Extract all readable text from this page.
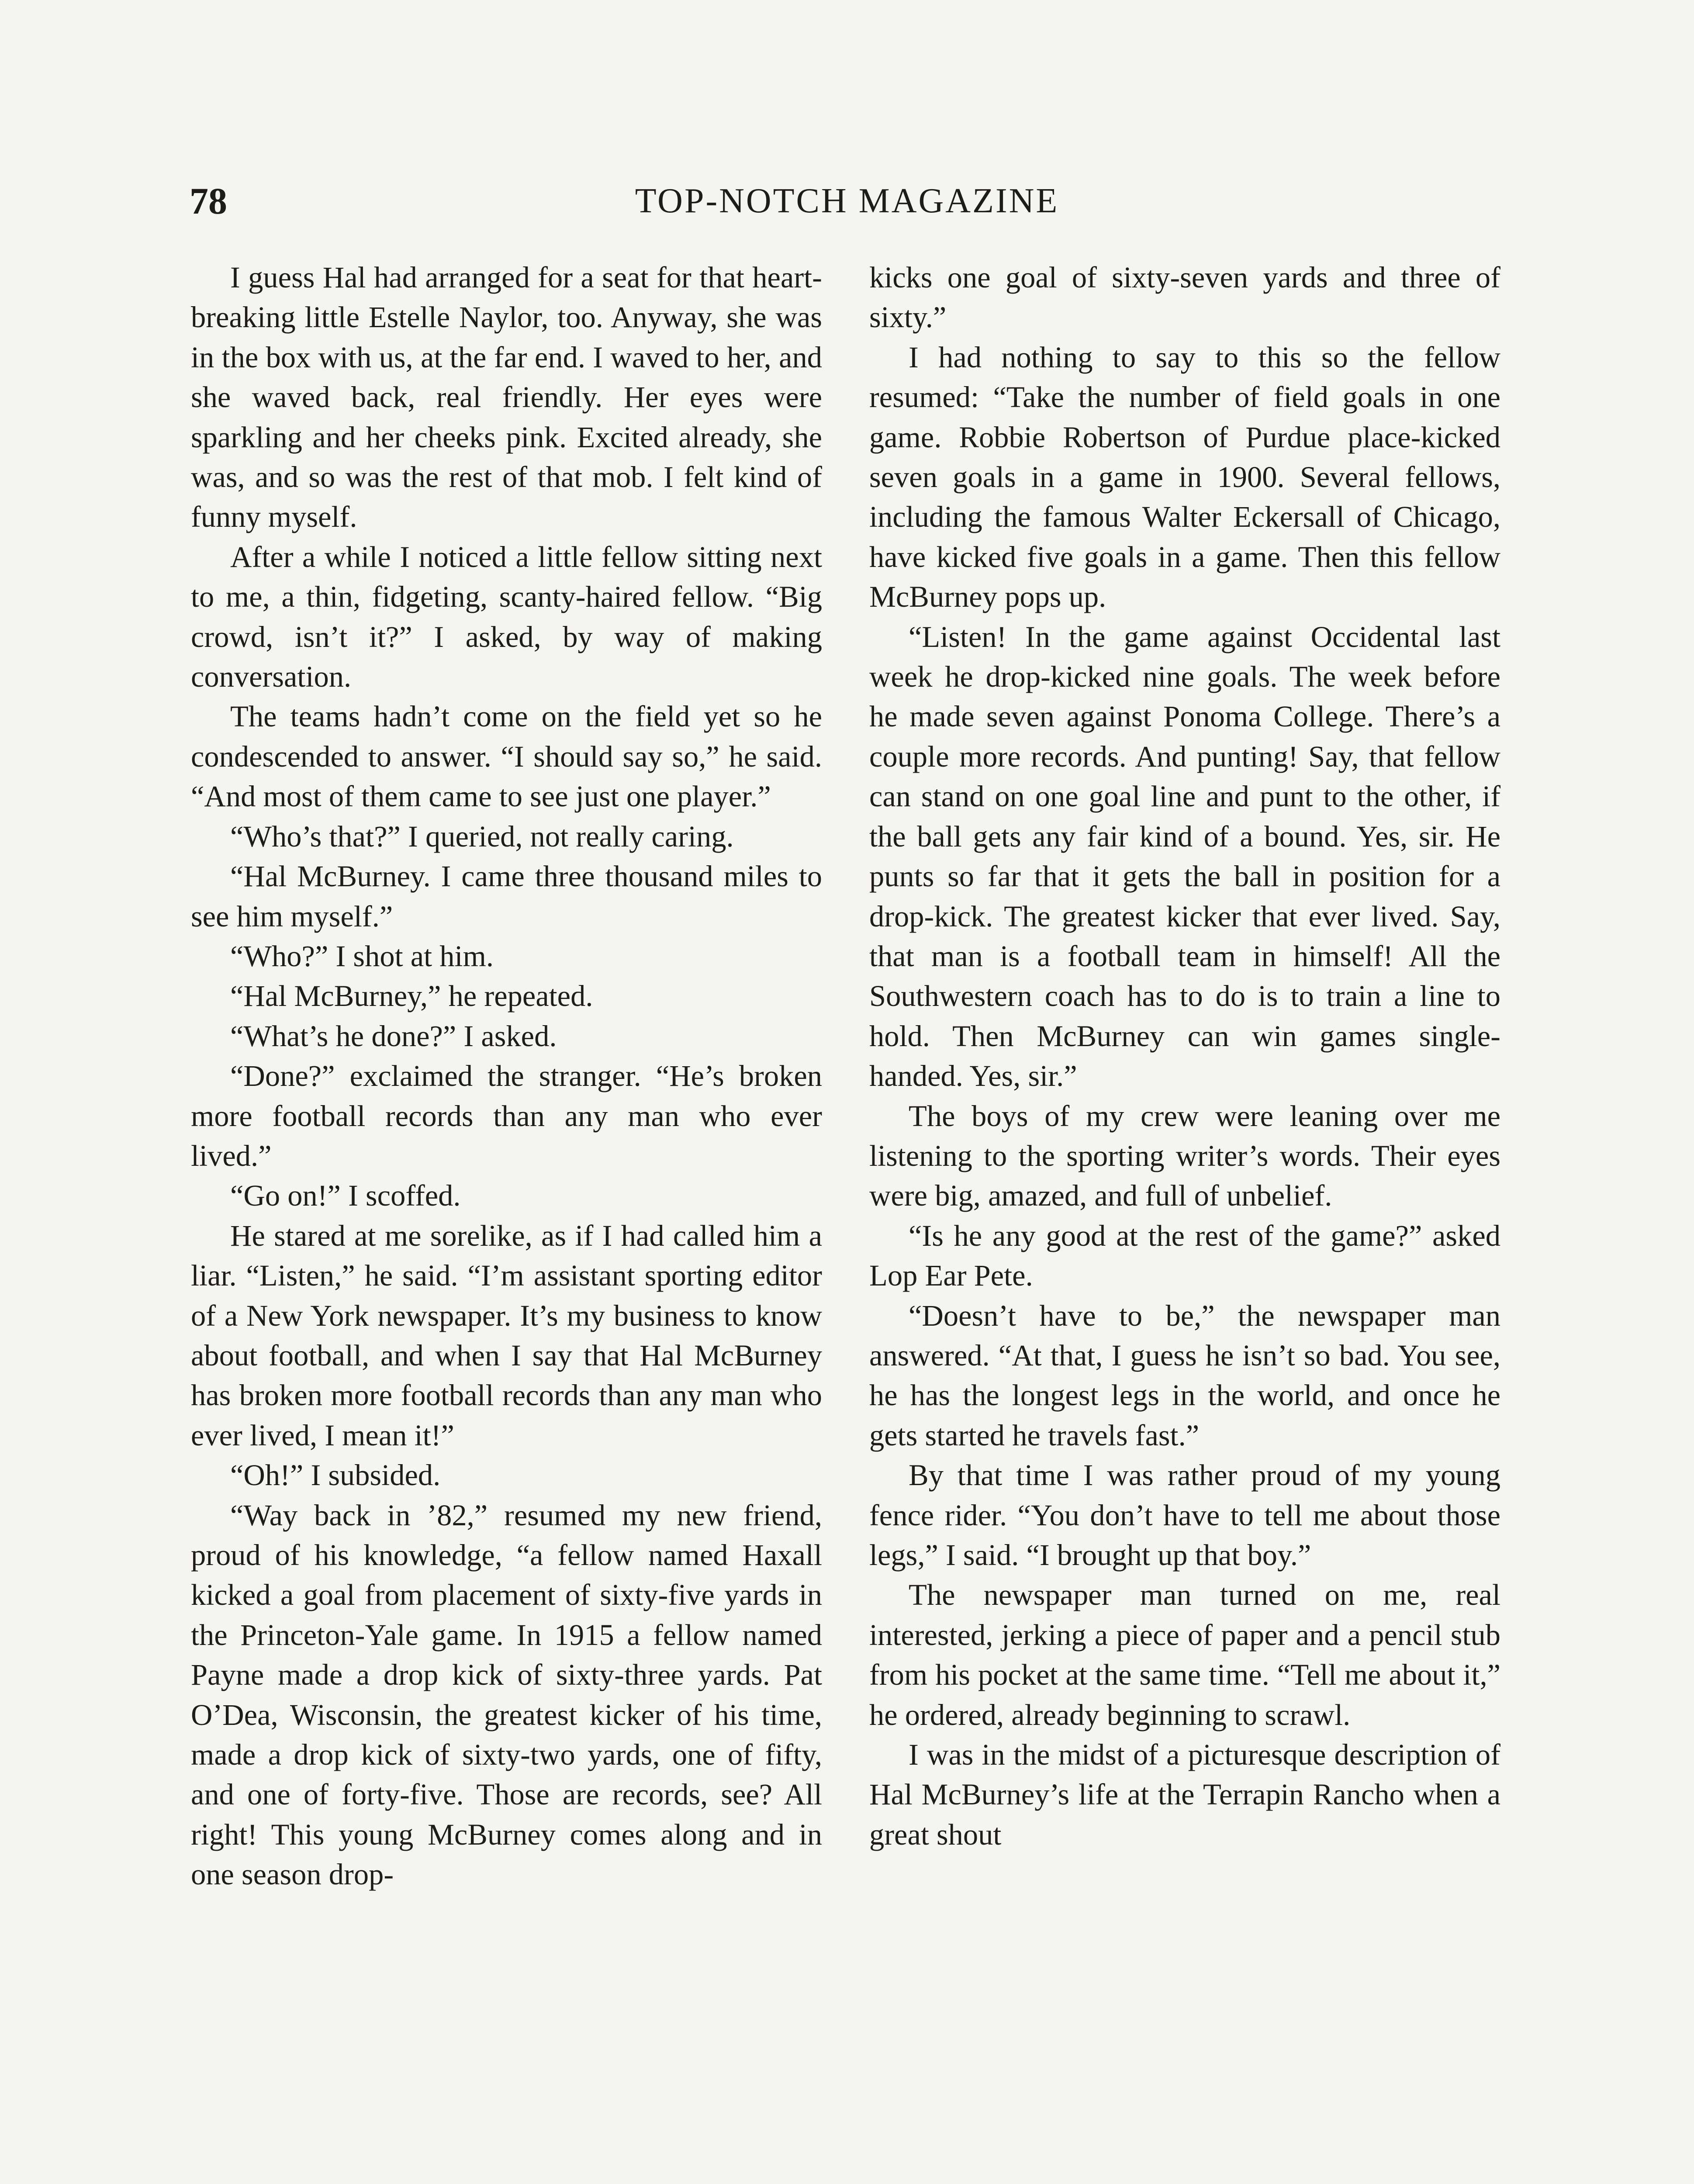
78	TOP-NOTCH MAGAZINE

I guess Hal had arranged for a seat for that heart-breaking little Estelle Naylor, too. Anyway, she was in the box with us, at the far end. I waved to her, and she waved back, real friendly. Her eyes were sparkling and her cheeks pink. Excited already, she was, and so was the rest of that mob. I felt kind of funny myself.

After a while I noticed a little fellow sitting next to me, a thin, fidgeting, scanty-haired fellow. “Big crowd, isn’t it?” I asked, by way of making conversation.

The teams hadn’t come on the field yet so he condescended to answer. “I should say so,” he said. “And most of them came to see just one player.”

“Who’s that?” I queried, not really caring.

“Hal McBurney. I came three thousand miles to see him myself.”

“Who?” I shot at him.

“Hal McBurney,” he repeated.

“What’s he done?” I asked.

“Done?” exclaimed the stranger. “He’s broken more football records than any man who ever lived.”

“Go on!” I scoffed.

He stared at me sorelike, as if I had called him a liar. “Listen,” he said. “I’m assistant sporting editor of a New York newspaper. It’s my business to know about football, and when I say that Hal McBurney has broken more football records than any man who ever lived, I mean it!”

“Oh!” I subsided.

“Way back in ’82,” resumed my new friend, proud of his knowledge, “a fellow named Haxall kicked a goal from placement of sixty-five yards in the Princeton-Yale game. In 1915 a fellow named Payne made a drop kick of sixty-three yards. Pat O’Dea, Wisconsin, the greatest kicker of his time, made a drop kick of sixty-two yards, one of fifty, and one of forty-five. Those are records, see? All right! This young McBurney comes along and in one season drop-

kicks one goal of sixty-seven yards and three of sixty.”

I had nothing to say to this so the fellow resumed: “Take the number of field goals in one game. Robbie Robertson of Purdue place-kicked seven goals in a game in 1900. Several fellows, including the famous Walter Eckersall of Chicago, have kicked five goals in a game. Then this fellow McBurney pops up.

“Listen! In the game against Occidental last week he drop-kicked nine goals. The week before he made seven against Ponoma College. There’s a couple more records. And punting! Say, that fellow can stand on one goal line and punt to the other, if the ball gets any fair kind of a bound. Yes, sir. He punts so far that it gets the ball in position for a drop-kick. The greatest kicker that ever lived. Say, that man is a football team in himself! All the Southwestern coach has to do is to train a line to hold. Then McBurney can win games single-handed. Yes, sir.”

The boys of my crew were leaning over me listening to the sporting writer’s words. Their eyes were big, amazed, and full of unbelief.

“Is he any good at the rest of the game?” asked Lop Ear Pete.

“Doesn’t have to be,” the newspaper man answered. “At that, I guess he isn’t so bad. You see, he has the longest legs in the world, and once he gets started he travels fast.”

By that time I was rather proud of my young fence rider. “You don’t have to tell me about those legs,” I said. “I brought up that boy.”

The newspaper man turned on me, real interested, jerking a piece of paper and a pencil stub from his pocket at the same time. “Tell me about it,” he ordered, already beginning to scrawl.

I was in the midst of a picturesque description of Hal McBurney’s life at the Terrapin Rancho when a great shout
